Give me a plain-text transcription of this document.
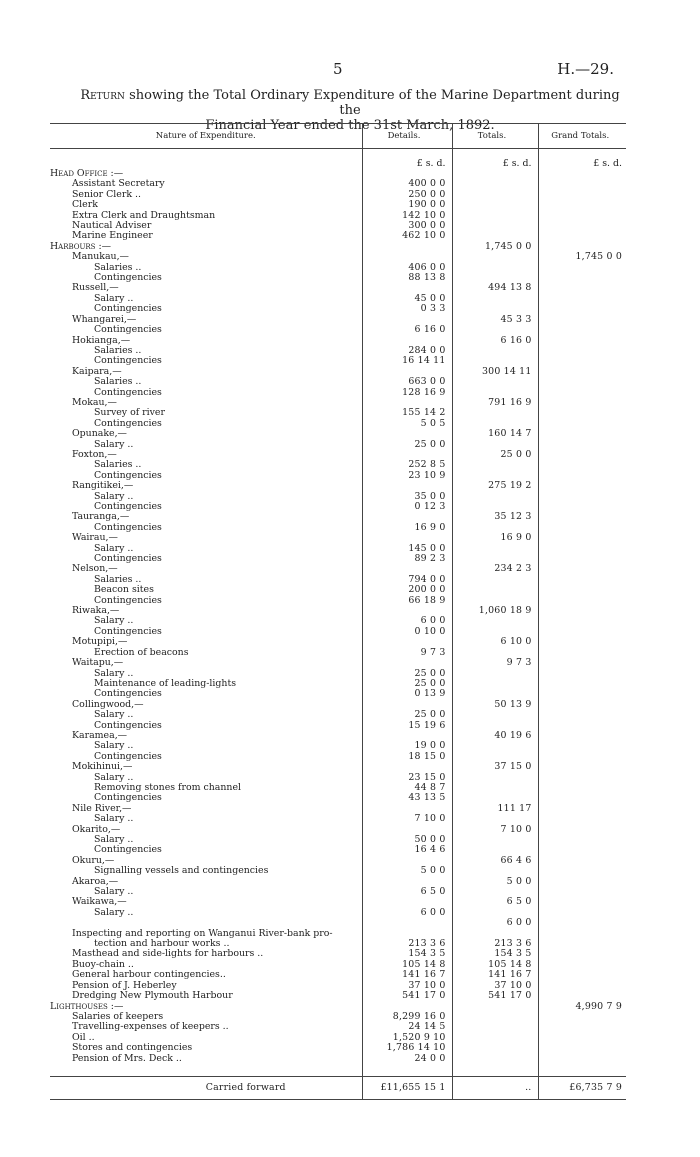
5	H.—29.
Return showing the Total Ordinary Expenditure of the Marine Department during the
Financial Year ended the 31st March, 1892.
Nature of Expenditure.	Details.	Totals.	Grand Totals.
	£ s. d.	£ s. d.	£ s. d.
Head Office :—			
Assistant Secretary	400 0 0		
Senior Clerk ..	250 0 0		
Clerk	190 0 0		
Extra Clerk and Draughtsman	142 10 0		
Nautical Adviser	300 0 0		
Marine Engineer	462 10 0		
Harbours :—		1,745 0 0	
Manukau,—			1,745 0 0
Salaries ..	406 0 0		
Contingencies	88 13 8		
Russell,—		494 13 8	
Salary ..	45 0 0		
Contingencies	0 3 3		
Whangarei,—		45 3 3	
Contingencies	6 16 0		
Hokianga,—		6 16 0	
Salaries ..	284 0 0		
Contingencies	16 14 11		
Kaipara,—		300 14 11	
Salaries ..	663 0 0		
Contingencies	128 16 9		
Mokau,—		791 16 9	
Survey of river	155 14 2		
Contingencies	5 0 5		
Opunake,—		160 14 7	
Salary ..	25 0 0		
Foxton,—		25 0 0	
Salaries ..	252 8 5		
Contingencies	23 10 9		
Rangitikei,—		275 19 2	
Salary ..	35 0 0		
Contingencies	0 12 3		
Tauranga,—		35 12 3	
Contingencies	16 9 0		
Wairau,—		16 9 0	
Salary ..	145 0 0		
Contingencies	89 2 3		
Nelson,—		234 2 3	
Salaries ..	794 0 0		
Beacon sites	200 0 0		
Contingencies	66 18 9		
Riwaka,—		1,060 18 9	
Salary ..	6 0 0		
Contingencies	0 10 0		
Motupipi,—		6 10 0	
Erection of beacons	9 7 3		
Waitapu,—		9 7 3	
Salary ..	25 0 0		
Maintenance of leading-lights	25 0 0		
Contingencies	0 13 9		
Collingwood,—		50 13 9	
Salary ..	25 0 0		
Contingencies	15 19 6		
Karamea,—		40 19 6	
Salary ..	19 0 0		
Contingencies	18 15 0		
Mokihinui,—		37 15 0	
Salary ..	23 15 0		
Removing stones from channel	44 8 7		
Contingencies	43 13 5		
Nile River,—		111 17	
Salary ..	7 10 0		
Okarito,—		7 10 0	
Salary ..	50 0 0		
Contingencies	16 4 6		
Okuru,—		66 4 6	
Signalling vessels and contingencies	5 0 0		
Akaroa,—		5 0 0	
Salary ..	6 5 0		
Waikawa,—		6 5 0	
Salary ..	6 0 0		
		6 0 0	
Inspecting and reporting on Wanganui River-bank pro-			
tection and harbour works ..	213 3 6	213 3 6	
Masthead and side-lights for harbours ..	154 3 5	154 3 5	
Buoy-chain ..	105 14 8	105 14 8	
General harbour contingencies..	141 16 7	141 16 7	
Pension of J. Heberley	37 10 0	37 10 0	
Dredging New Plymouth Harbour	541 17 0	541 17 0	
Lighthouses :—			4,990 7 9
Salaries of keepers	8,299 16 0		
Travelling-expenses of keepers ..	24 14 5		
Oil ..	1,520 9 10		
Stores and contingencies	1,786 14 10		
Pension of Mrs. Deck ..	24 0 0		

Carried forward	£11,655 15 1	..	£6,735 7 9
